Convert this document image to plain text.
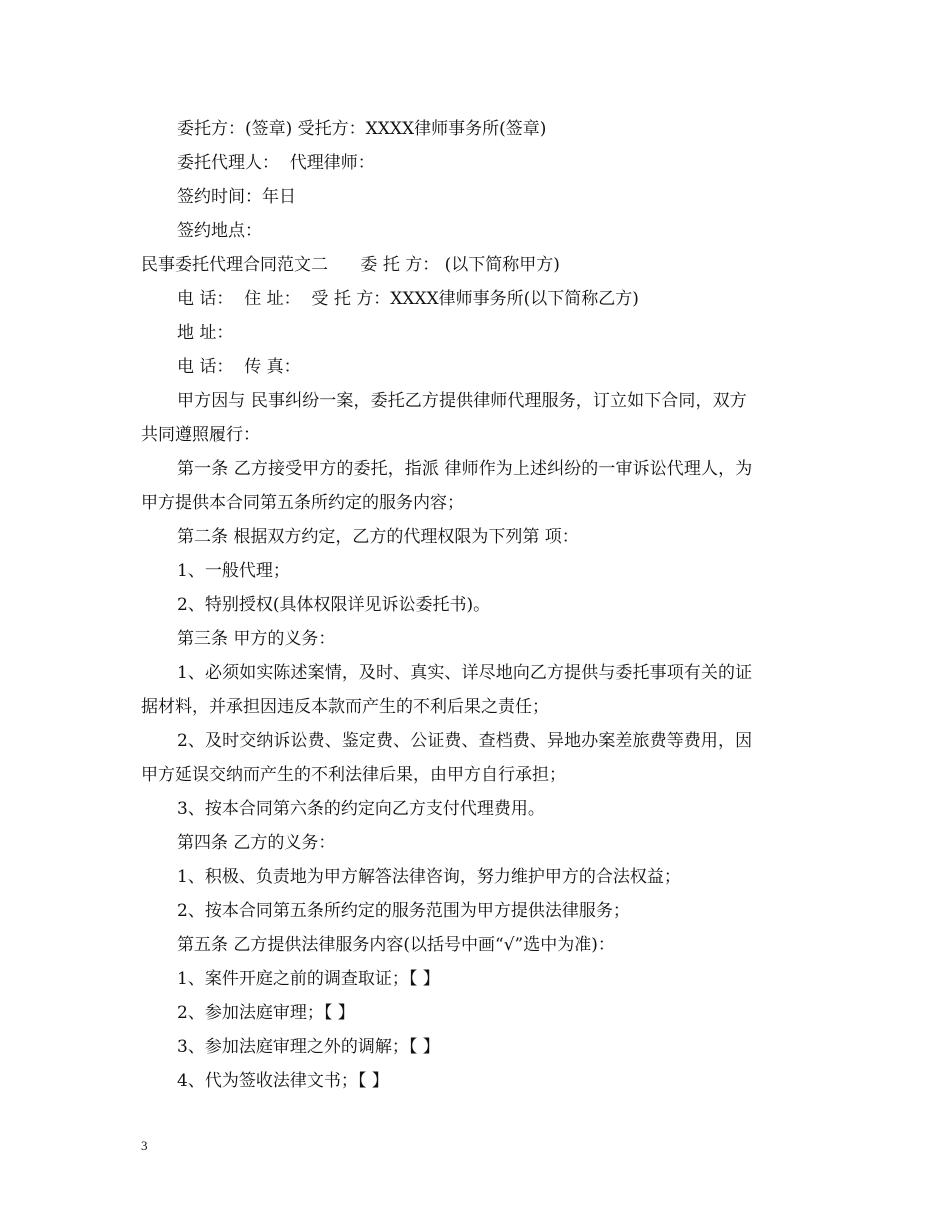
委托方：(签章) 受托方：XXXX律师事务所(签章)
委托代理人：  代理律师：
签约时间：年日
签约地点：
民事委托代理合同范文二      委 托 方： (以下简称甲方)
电 话：  住 址：  受 托 方：XXXX律师事务所(以下简称乙方)
地 址：
电 话：  传 真：
甲方因与 民事纠纷一案，委托乙方提供律师代理服务，订立如下合同，双方
共同遵照履行：
第一条 乙方接受甲方的委托，指派 律师作为上述纠纷的一审诉讼代理人，为
甲方提供本合同第五条所约定的服务内容；
第二条 根据双方约定，乙方的代理权限为下列第 项：
1、一般代理；
2、特别授权(具体权限详见诉讼委托书)。
第三条 甲方的义务：
1、必须如实陈述案情，及时、真实、详尽地向乙方提供与委托事项有关的证
据材料，并承担因违反本款而产生的不利后果之责任；
2、及时交纳诉讼费、鉴定费、公证费、查档费、异地办案差旅费等费用，因
甲方延误交纳而产生的不利法律后果，由甲方自行承担；
3、按本合同第六条的约定向乙方支付代理费用。
第四条 乙方的义务：
1、积极、负责地为甲方解答法律咨询，努力维护甲方的合法权益；
2、按本合同第五条所约定的服务范围为甲方提供法律服务；
第五条 乙方提供法律服务内容(以括号中画“√”选中为准)：
1、案件开庭之前的调查取证；【 】
2、参加法庭审理；【 】
3、参加法庭审理之外的调解；【 】
4、代为签收法律文书；【 】
3
